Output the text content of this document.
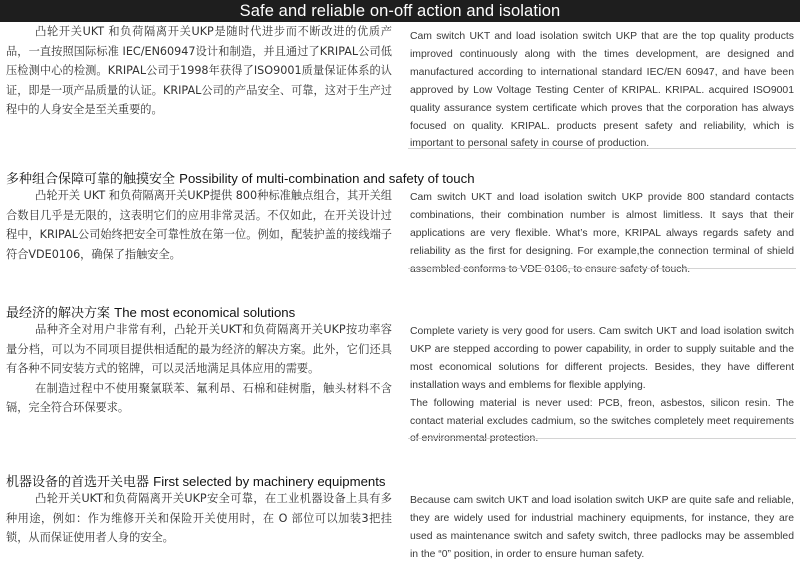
Safe and reliable on-off action and isolation

凸轮开关UKT 和负荷隔离开关UKP是随时代进步而不断改进的优质产品，一直按照国际标准 IEC/EN60947设计和制造，并且通过了KRIPAL公司低压检测中心的检测。KRIPAL公司于1998年获得了ISO9001质量保证体系的认证，即是一项产品质量的认证。KRIPAL公司的产品安全、可靠，这对于生产过程中的人身安全是至关重要的。

Cam switch UKT and load isolation switch UKP that are the top quality products improved continuously along with the times development, are designed and manufactured according to international standard IEC/EN 60947, and have been approved by Low Voltage Testing Center of KRIPAL. KRIPAL. acquired ISO9001 quality assurance system certificate which proves that the corporation has always focused on quality. KRIPAL. products present safety and reliability, which is important to personal safety in course of production.

多种组合保障可靠的触摸安全 Possibility of multi-combination and safety of touch

凸轮开关 UKT 和负荷隔离开关UKP提供 800种标准触点组合，其开关组合数目几乎是无限的，这表明它们的应用非常灵活。不仅如此，在开关设计过程中，KRIPAL公司始终把安全可靠性放在第一位。例如，配装护盖的接线端子符合VDE0106，确保了指触安全。

Cam switch UKT and load isolation switch UKP provide 800 standard contacts combinations, their combination number is almost limitless. It says that their applications are very flexible. What’s more, KRIPAL always regards safety and reliability as the first for designing. For example,the connection terminal of shield assembled conforms to VDE 0106, to ensure safety of touch.

最经济的解决方案 The most economical solutions

品种齐全对用户非常有利，凸轮开关UKT和负荷隔离开关UKP按功率容量分档，可以为不同项目提供相适配的最为经济的解决方案。此外，它们还具有各种不同安装方式的铭牌，可以灵活地满足具体应用的需要。

在制造过程中不使用聚氯联苯、氟利昂、石棉和硅树脂，触头材料不含镉，完全符合环保要求。

Complete variety is very good for users. Cam switch UKT and load isolation switch UKP are stepped according to power capability, in order to supply suitable and the most economical solutions for different projects. Besides, they have different installation ways and emblems for flexible applying.

The following material is never used: PCB, freon, asbestos, silicon resin. The contact material excludes cadmium, so the switches completely meet requirements of environmental protection.

机器设备的首选开关电器 First selected by machinery equipments

凸轮开关UKT和负荷隔离开关UKP安全可靠，在工业机器设备上具有多种用途，例如：作为维修开关和保险开关使用时，在 O 部位可以加装3把挂锁，从而保证使用者人身的安全。

Because cam switch UKT and load isolation switch UKP are quite safe and reliable, they are widely used for industrial machinery equipments, for instance, they are used as maintenance switch and safety switch, three padlocks may be assembled in the “0” position, in order to ensure human safety.
